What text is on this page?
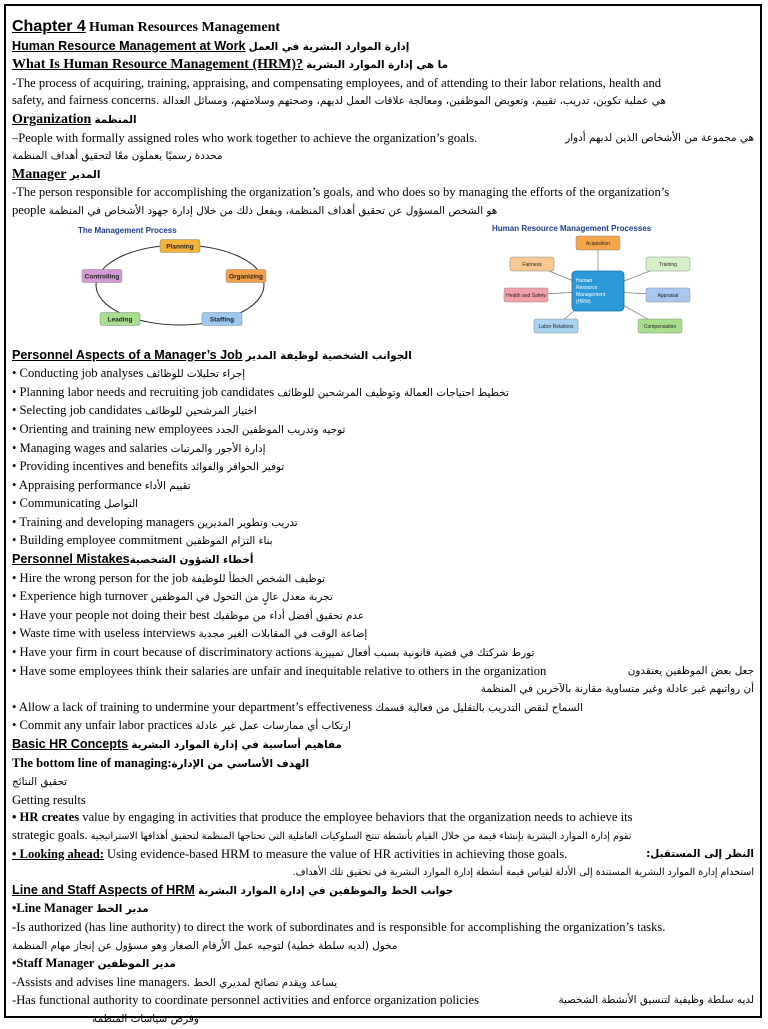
Chapter 4 Human Resources Management
Human Resource Management at Work إدارة الموارد البشرية في العمل
What Is Human Resource Management (HRM)? ما هي إدارة الموارد البشرية
-The process of acquiring, training, appraising, and compensating employees, and of attending to their labor relations, health and
safety, and fairness concerns. هي عملية تكوين، تدريب، تقييم، وتعويض الموظفين، ومعالجة علاقات العمل لديهم، وصحتهم وسلامتهم، ومسائل العدالة
Organization المنظمة
–People with formally assigned roles who work together to achieve the organization’s goals.	هي مجموعة من الأشخاص الذين لديهم أدوار
محددة رسميًا يعملون معًا لتحقيق أهداف المنظمة
Manager المدير
-The person responsible for accomplishing the organization’s goals, and who does so by managing the efforts of the organization’s
people هو الشخص المسؤول عن تحقيق أهداف المنظمة، ويفعل ذلك من خلال إدارة جهود الأشخاص في المنظمة
The Management Process
Planning
Organizing
Staffing
Leading
Controlling
Human Resource Management Processes
Human
Resource
Management
(HRM)
Acquisition
Training
Appraisal
Compensation
Labor Relations
Health and Safety
Fairness
Personnel Aspects of a Manager’s Job الجوانب الشخصية لوظيفة المدير
• Conducting job analyses إجراء تحليلات للوظائف
• Planning labor needs and recruiting job candidates تخطيط احتياجات العمالة وتوظيف المرشحين للوظائف
• Selecting job candidates اختيار المرشحين للوظائف
• Orienting and training new employees توجيه وتدريب الموظفين الجدد
• Managing wages and salaries إدارة الأجور والمرتبات
• Providing incentives and benefits توفير الحوافز والفوائد
• Appraising performance تقييم الأداء
• Communicating التواصل
• Training and developing managers تدريب وتطوير المديرين
• Building employee commitment بناء التزام الموظفين
Personnel Mistakesأخطاء الشؤون الشخصية
• Hire the wrong person for the job توظيف الشخص الخطأ للوظيفة
• Experience high turnover تجربة معدل عالٍ من التحول في الموظفين
• Have your people not doing their best عدم تحقيق أفضل أداء من موظفيك
• Waste time with useless interviews إضاعة الوقت في المقابلات الغير مجدية
• Have your firm in court because of discriminatory actions تورط شركتك في قضية قانونية بسبب أفعال تمييزية
• Have some employees think their salaries are unfair and inequitable relative to others in the organization	جعل بعض الموظفين يعتقدون
أن رواتبهم غير عادلة وغير متساوية مقارنة بالآخرين في المنظمة
• Allow a lack of training to undermine your department’s effectiveness السماح لنقص التدريب بالتقليل من فعالية قسمك
• Commit any unfair labor practices ارتكاب أي ممارسات عمل غير عادلة
Basic HR Concepts مفاهيم أساسية في إدارة الموارد البشرية
The bottom line of managing:الهدف الأساسي من الإدارة
تحقيق النتائج
Getting results
• HR creates value by engaging in activities that produce the employee behaviors that the organization needs to achieve its
strategic goals. تقوم إدارة الموارد البشرية بإنشاء قيمة من خلال القيام بأنشطة تنتج السلوكيات العاملية التي تحتاجها المنظمة لتحقيق أهدافها الاستراتيجية
• Looking ahead: Using evidence-based HRM to measure the value of HR activities in achieving those goals.	النظر إلى المستقبل:
استخدام إدارة الموارد البشرية المستندة إلى الأدلة لقياس قيمة أنشطة إدارة الموارد البشرية في تحقيق تلك الأهداف.
Line and Staff Aspects of HRM جوانب الخط والموظفين في إدارة الموارد البشرية
•Line Manager مدير الخط
-Is authorized (has line authority) to direct the work of subordinates and is responsible for accomplishing the organization’s tasks.
مخول (لديه سلطة خطية) لتوجيه عمل الأرقام الصغار وهو مسؤول عن إنجاز مهام المنظمة
•Staff Manager مدير الموظفين
-Assists and advises line managers. يساعد ويقدم نصائح لمديري الخط
-Has functional authority to coordinate personnel activities and enforce organization policies	لديه سلطة وظيفية لتنسيق الأنشطة الشخصية
وفرض سياسات المنظمة
